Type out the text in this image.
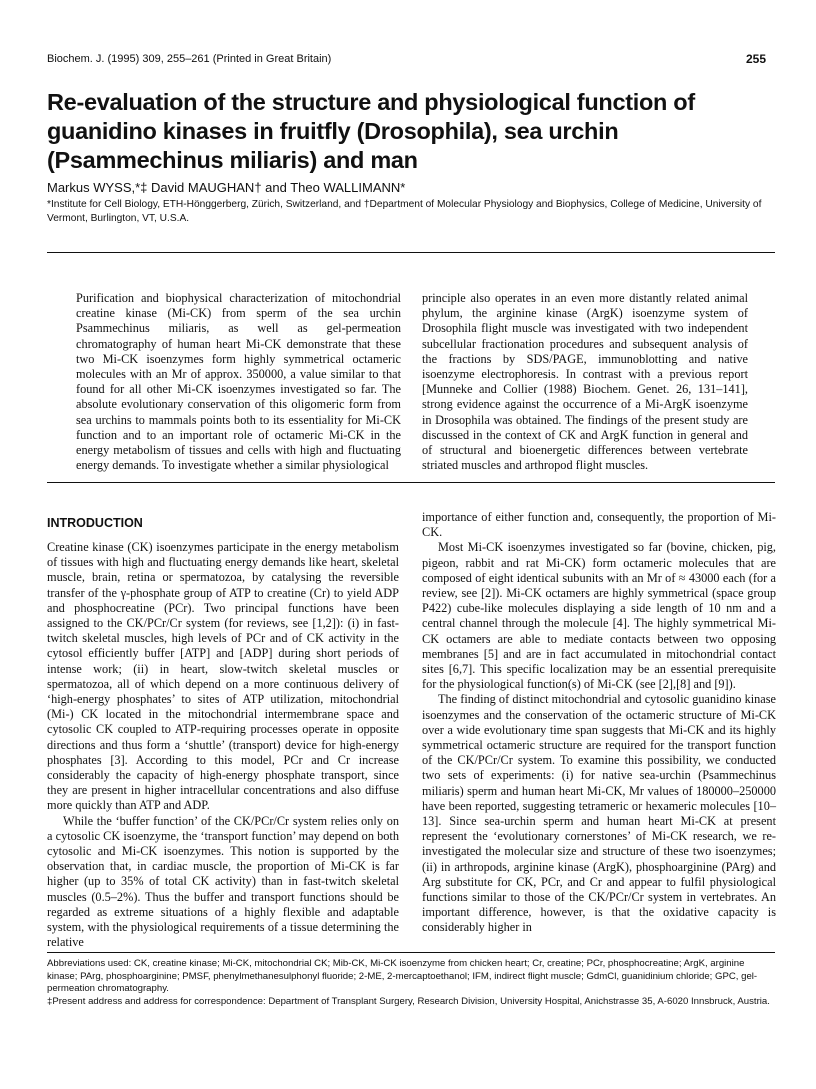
Biochem. J. (1995) 309, 255–261 (Printed in Great Britain)	255
Re-evaluation of the structure and physiological function of guanidino kinases in fruitfly (Drosophila), sea urchin (Psammechinus miliaris) and man
Markus WYSS,*‡ David MAUGHAN† and Theo WALLIMANN*
*Institute for Cell Biology, ETH-Hönggerberg, Zürich, Switzerland, and †Department of Molecular Physiology and Biophysics, College of Medicine, University of Vermont, Burlington, VT, U.S.A.

Purification and biophysical characterization of mitochondrial creatine kinase (Mi-CK) from sperm of the sea urchin Psammechinus miliaris, as well as gel-permeation chromatography of human heart Mi-CK demonstrate that these two Mi-CK isoenzymes form highly symmetrical octameric molecules with an Mr of approx. 350000, a value similar to that found for all other Mi-CK isoenzymes investigated so far. The absolute evolutionary conservation of this oligomeric form from sea urchins to mammals points both to its essentiality for Mi-CK function and to an important role of octameric Mi-CK in the energy metabolism of tissues and cells with high and fluctuating energy demands. To investigate whether a similar physiological

principle also operates in an even more distantly related animal phylum, the arginine kinase (ArgK) isoenzyme system of Drosophila flight muscle was investigated with two independent subcellular fractionation procedures and subsequent analysis of the fractions by SDS/PAGE, immunoblotting and native isoenzyme electrophoresis. In contrast with a previous report [Munneke and Collier (1988) Biochem. Genet. 26, 131–141], strong evidence against the occurrence of a Mi-ArgK isoenzyme in Drosophila was obtained. The findings of the present study are discussed in the context of CK and ArgK function in general and of structural and bioenergetic differences between vertebrate striated muscles and arthropod flight muscles.

INTRODUCTION

Creatine kinase (CK) isoenzymes participate in the energy metabolism of tissues with high and fluctuating energy demands like heart, skeletal muscle, brain, retina or spermatozoa, by catalysing the reversible transfer of the γ-phosphate group of ATP to creatine (Cr) to yield ADP and phosphocreatine (PCr). Two principal functions have been assigned to the CK/PCr/Cr system (for reviews, see [1,2]): (i) in fast-twitch skeletal muscles, high levels of PCr and of CK activity in the cytosol efficiently buffer [ATP] and [ADP] during short periods of intense work; (ii) in heart, slow-twitch skeletal muscles or spermatozoa, all of which depend on a more continuous delivery of ‘high-energy phosphates’ to sites of ATP utilization, mitochondrial (Mi-) CK located in the mitochondrial intermembrane space and cytosolic CK coupled to ATP-requiring processes operate in opposite directions and thus form a ‘shuttle’ (transport) device for high-energy phosphates [3]. According to this model, PCr and Cr increase considerably the capacity of high-energy phosphate transport, since they are present in higher intracellular concentrations and also diffuse more quickly than ATP and ADP.

While the ‘buffer function’ of the CK/PCr/Cr system relies only on a cytosolic CK isoenzyme, the ‘transport function’ may depend on both cytosolic and Mi-CK isoenzymes. This notion is supported by the observation that, in cardiac muscle, the proportion of Mi-CK is far higher (up to 35% of total CK activity) than in fast-twitch skeletal muscles (0.5–2%). Thus the buffer and transport functions should be regarded as extreme situations of a highly flexible and adaptable system, with the physiological requirements of a tissue determining the relative

importance of either function and, consequently, the proportion of Mi-CK.

Most Mi-CK isoenzymes investigated so far (bovine, chicken, pig, pigeon, rabbit and rat Mi-CK) form octameric molecules that are composed of eight identical subunits with an Mr of ≈ 43000 each (for a review, see [2]). Mi-CK octamers are highly symmetrical (space group P422) cube-like molecules displaying a side length of 10 nm and a central channel through the molecule [4]. The highly symmetrical Mi-CK octamers are able to mediate contacts between two opposing membranes [5] and are in fact accumulated in mitochondrial contact sites [6,7]. This specific localization may be an essential prerequisite for the physiological function(s) of Mi-CK (see [2],[8] and [9]).

The finding of distinct mitochondrial and cytosolic guanidino kinase isoenzymes and the conservation of the octameric structure of Mi-CK over a wide evolutionary time span suggests that Mi-CK and its highly symmetrical octameric structure are required for the transport function of the CK/PCr/Cr system. To examine this possibility, we conducted two sets of experiments: (i) for native sea-urchin (Psammechinus miliaris) sperm and human heart Mi-CK, Mr values of 180000–250000 have been reported, suggesting tetrameric or hexameric molecules [10–13]. Since sea-urchin sperm and human heart Mi-CK at present represent the ‘evolutionary cornerstones’ of Mi-CK research, we re-investigated the molecular size and structure of these two isoenzymes; (ii) in arthropods, arginine kinase (ArgK), phosphoarginine (PArg) and Arg substitute for CK, PCr, and Cr and appear to fulfil physiological functions similar to those of the CK/PCr/Cr system in vertebrates. An important difference, however, is that the oxidative capacity is considerably higher in

Abbreviations used: CK, creatine kinase; Mi-CK, mitochondrial CK; Mib-CK, Mi-CK isoenzyme from chicken heart; Cr, creatine; PCr, phosphocreatine; ArgK, arginine kinase; PArg, phosphoarginine; PMSF, phenylmethanesulphonyl fluoride; 2-ME, 2-mercaptoethanol; IFM, indirect flight muscle; GdmCl, guanidinium chloride; GPC, gel-permeation chromatography.

‡Present address and address for correspondence: Department of Transplant Surgery, Research Division, University Hospital, Anichstrasse 35, A-6020 Innsbruck, Austria.
